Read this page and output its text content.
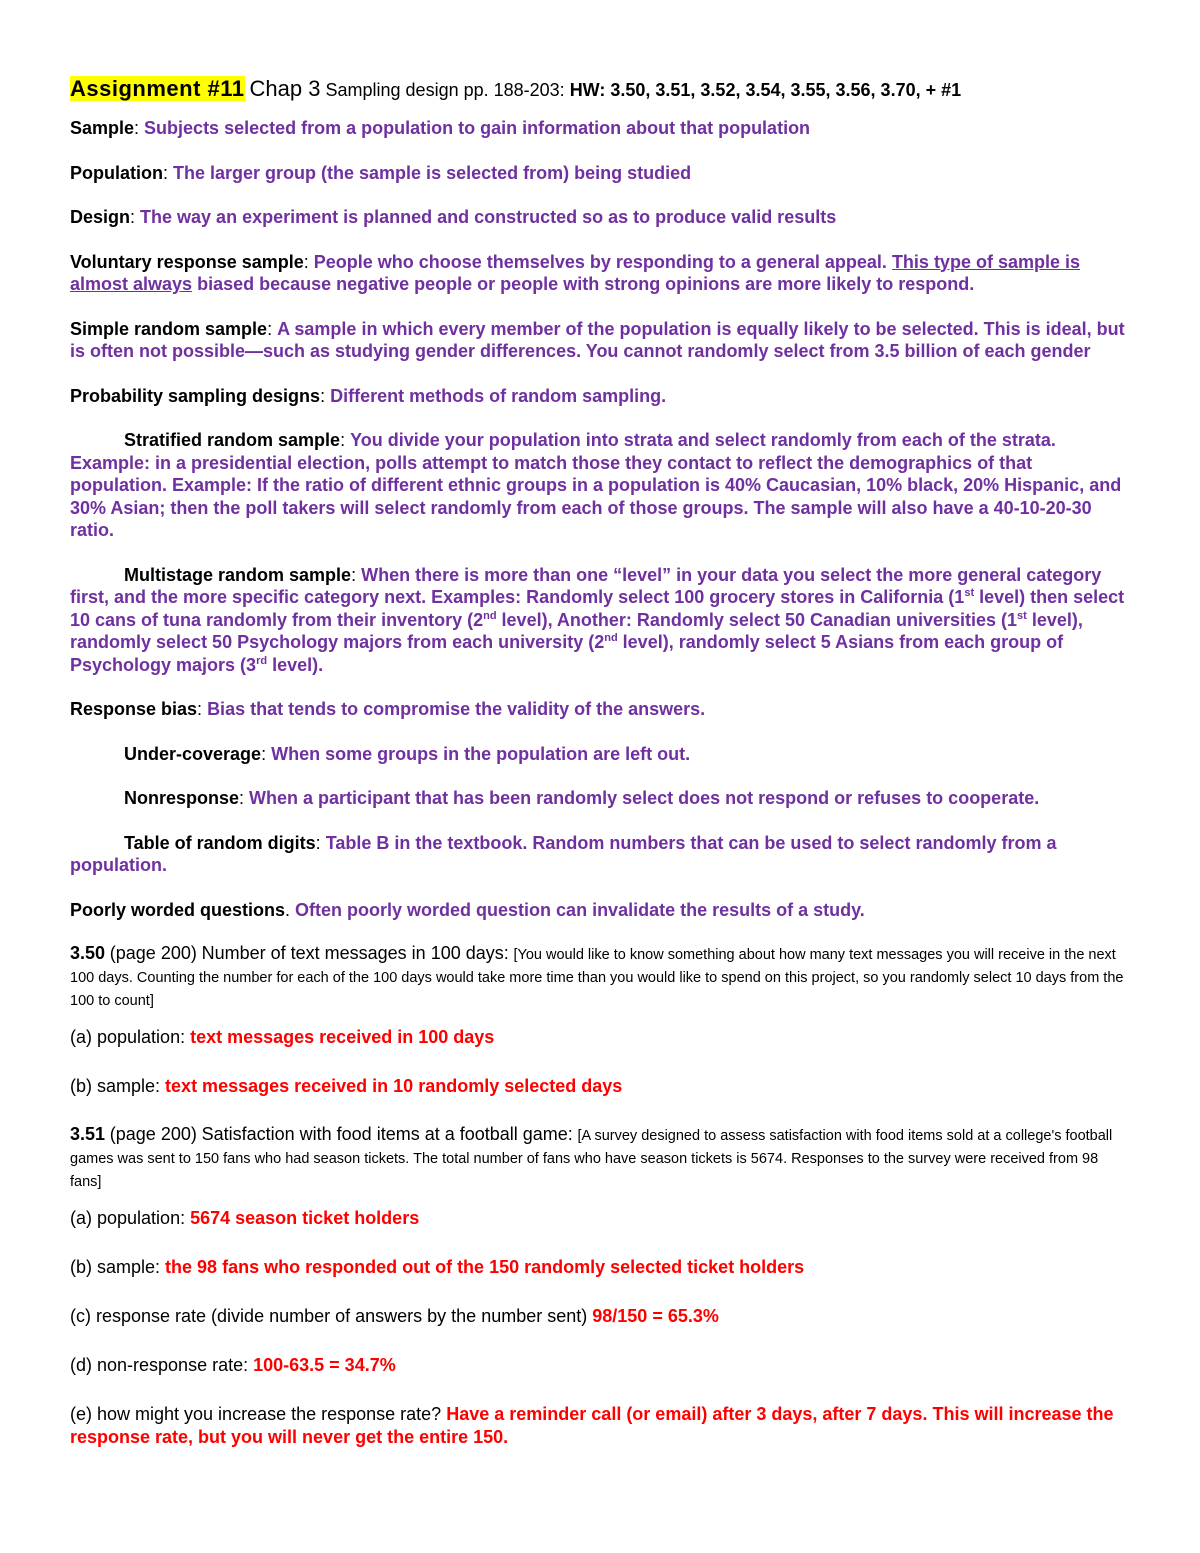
Assignment #11 Chap 3 Sampling design pp. 188-203: HW: 3.50, 3.51, 3.52, 3.54, 3.55, 3.56, 3.70, + #1

Sample: Subjects selected from a population to gain information about that population

Population: The larger group (the sample is selected from) being studied

Design: The way an experiment is planned and constructed so as to produce valid results

Voluntary response sample: People who choose themselves by responding to a general appeal. This type of sample is almost always biased because negative people or people with strong opinions are more likely to respond.

Simple random sample: A sample in which every member of the population is equally likely to be selected. This is ideal, but is often not possible—such as studying gender differences. You cannot randomly select from 3.5 billion of each gender

Probability sampling designs: Different methods of random sampling.

Stratified random sample: You divide your population into strata and select randomly from each of the strata. Example: in a presidential election, polls attempt to match those they contact to reflect the demographics of that population. Example: If the ratio of different ethnic groups in a population is 40% Caucasian, 10% black, 20% Hispanic, and 30% Asian; then the poll takers will select randomly from each of those groups. The sample will also have a 40-10-20-30 ratio.

Multistage random sample: When there is more than one “level” in your data you select the more general category first, and the more specific category next. Examples: Randomly select 100 grocery stores in California (1st level) then select 10 cans of tuna randomly from their inventory (2nd level), Another: Randomly select 50 Canadian universities (1st level), randomly select 50 Psychology majors from each university (2nd level), randomly select 5 Asians from each group of Psychology majors (3rd level).

Response bias: Bias that tends to compromise the validity of the answers.

Under-coverage: When some groups in the population are left out.

Nonresponse: When a participant that has been randomly select does not respond or refuses to cooperate.

Table of random digits: Table B in the textbook. Random numbers that can be used to select randomly from a population.

Poorly worded questions. Often poorly worded question can invalidate the results of a study.

3.50 (page 200) Number of text messages in 100 days: [You would like to know something about how many text messages you will receive in the next 100 days. Counting the number for each of the 100 days would take more time than you would like to spend on this project, so you randomly select 10 days from the 100 to count]

(a) population: text messages received in 100 days

(b) sample: text messages received in 10 randomly selected days

3.51 (page 200) Satisfaction with food items at a football game: [A survey designed to assess satisfaction with food items sold at a college's football games was sent to 150 fans who had season tickets. The total number of fans who have season tickets is 5674. Responses to the survey were received from 98 fans]

(a) population: 5674 season ticket holders

(b) sample: the 98 fans who responded out of the 150 randomly selected ticket holders

(c) response rate (divide number of answers by the number sent) 98/150 = 65.3%

(d) non-response rate: 100-63.5 = 34.7%

(e) how might you increase the response rate? Have a reminder call (or email) after 3 days, after 7 days. This will increase the response rate, but you will never get the entire 150.
